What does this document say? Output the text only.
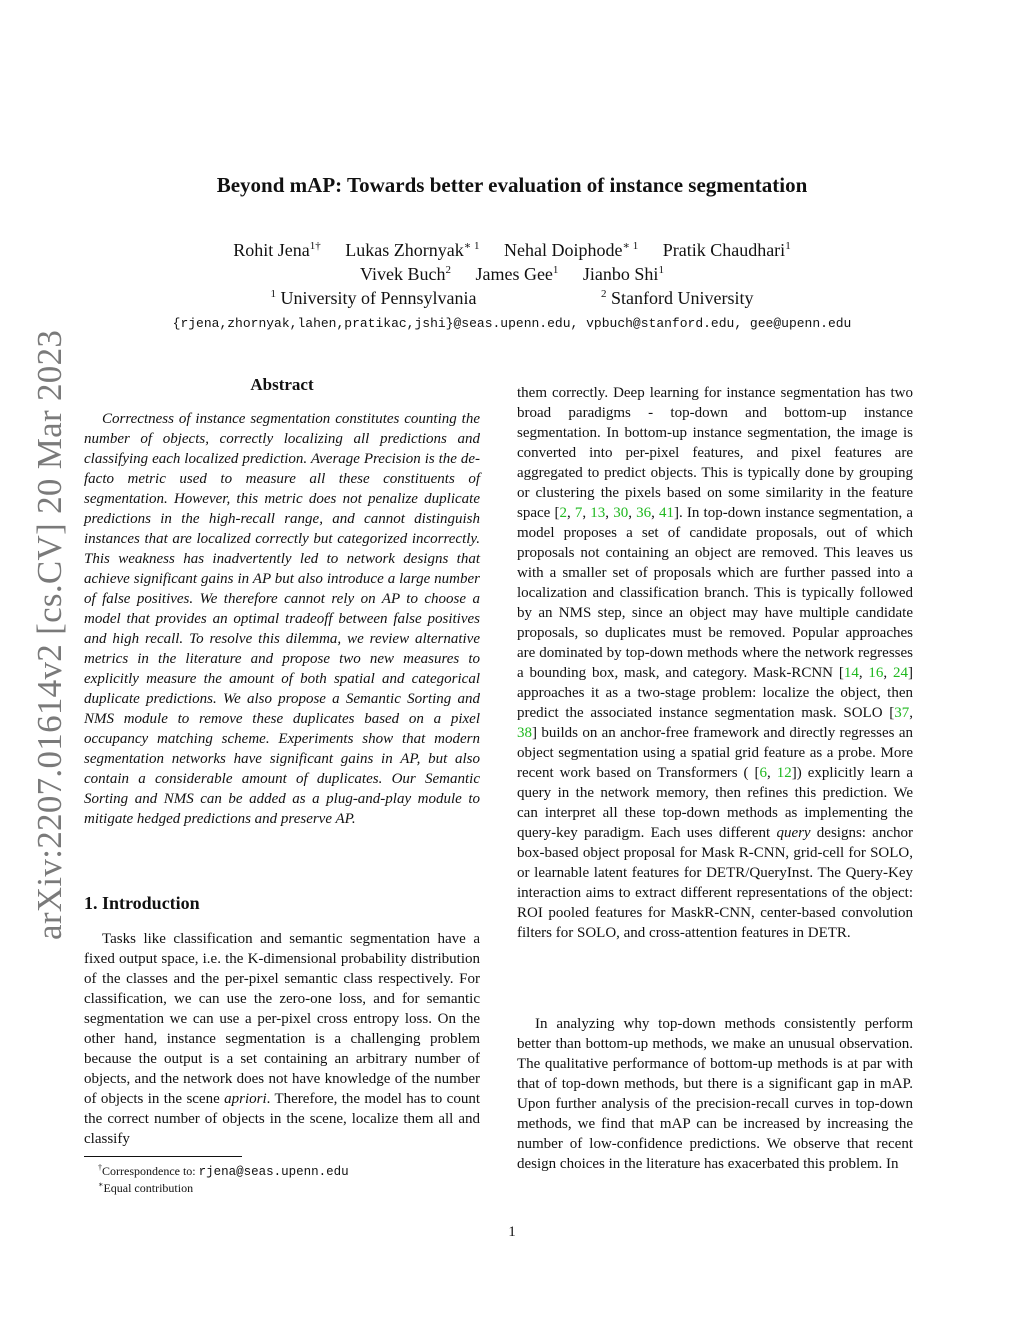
arXiv:2207.01614v2 [cs.CV] 20 Mar 2023
Beyond mAP: Towards better evaluation of instance segmentation
Rohit Jena$^{1\dagger}$ Lukas Zhornyak$^{∗ 1}$ Nehal Doiphode$^{∗ 1}$ Pratik Chaudhari$^1$
Vivek Buch$^2$ James Gee$^1$ Jianbo Shi$^1$
$^1$ University of Pennsylvania	$^2$ Stanford University
{rjena,zhornyak,lahen,pratikac,jshi}@seas.upenn.edu, vpbuch@stanford.edu, gee@upenn.edu
Abstract

Correctness of instance segmentation constitutes counting the number of objects, correctly localizing all predictions and classifying each localized prediction. Average Precision is the de-facto metric used to measure all these constituents of segmentation. However, this metric does not penalize duplicate predictions in the high-recall range, and cannot distinguish instances that are localized correctly but categorized incorrectly. This weakness has inadvertently led to network designs that achieve significant gains in AP but also introduce a large number of false positives. We therefore cannot rely on AP to choose a model that provides an optimal tradeoff between false positives and high recall. To resolve this dilemma, we review alternative metrics in the literature and propose two new measures to explicitly measure the amount of both spatial and categorical duplicate predictions. We also propose a Semantic Sorting and NMS module to remove these duplicates based on a pixel occupancy matching scheme. Experiments show that modern segmentation networks have significant gains in AP, but also contain a considerable amount of duplicates. Our Semantic Sorting and NMS can be added as a plug-and-play module to mitigate hedged predictions and preserve AP.

1. Introduction

Tasks like classification and semantic segmentation have a fixed output space, i.e. the K-dimensional probability distribution of the classes and the per-pixel semantic class respectively. For classification, we can use the zero-one loss, and for semantic segmentation we can use a per-pixel cross entropy loss. On the other hand, instance segmentation is a challenging problem because the output is a set containing an arbitrary number of objects, and the network does not have knowledge of the number of objects in the scene apriori. Therefore, the model has to count the correct number of objects in the scene, localize them all and classify

†Correspondence to: rjena@seas.upenn.edu
∗Equal contribution

them correctly. Deep learning for instance segmentation has two broad paradigms - top-down and bottom-up instance segmentation. In bottom-up instance segmentation, the image is converted into per-pixel features, and pixel features are aggregated to predict objects. This is typically done by grouping or clustering the pixels based on some similarity in the feature space [2, 7, 13, 30, 36, 41]. In top-down instance segmentation, a model proposes a set of candidate proposals, out of which proposals not containing an object are removed. This leaves us with a smaller set of proposals which are further passed into a localization and classification branch. This is typically followed by an NMS step, since an object may have multiple candidate proposals, so duplicates must be removed. Popular approaches are dominated by top-down methods where the network regresses a bounding box, mask, and category. Mask-RCNN [14, 16, 24] approaches it as a two-stage problem: localize the object, then predict the associated instance segmentation mask. SOLO [37, 38] builds on an anchor-free framework and directly regresses an object segmentation using a spatial grid feature as a probe. More recent work based on Transformers ( [6, 12]) explicitly learn a query in the network memory, then refines this prediction. We can interpret all these top-down methods as implementing the query-key paradigm. Each uses different query designs: anchor box-based object proposal for Mask R-CNN, grid-cell for SOLO, or learnable latent features for DETR/QueryInst. The Query-Key interaction aims to extract different representations of the object: ROI pooled features for MaskR-CNN, center-based convolution filters for SOLO, and cross-attention features in DETR.

In analyzing why top-down methods consistently perform better than bottom-up methods, we make an unusual observation. The qualitative performance of bottom-up methods is at par with that of top-down methods, but there is a significant gap in mAP. Upon further analysis of the precision-recall curves in top-down methods, we find that mAP can be increased by increasing the number of low-confidence predictions. We observe that recent design choices in the literature has exacerbated this problem. In

1
